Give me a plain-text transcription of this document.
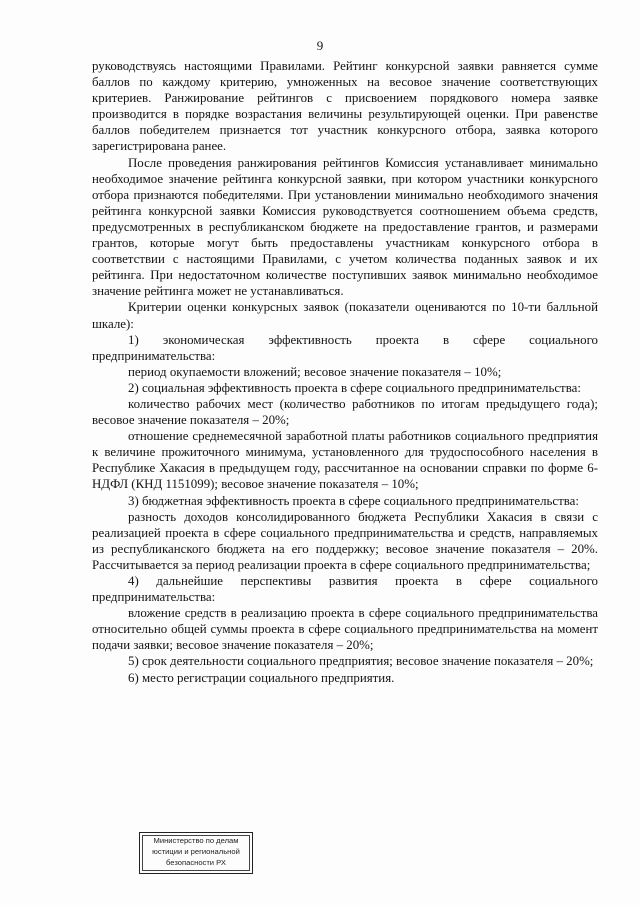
9

руководствуясь настоящими Правилами. Рейтинг конкурсной заявки равняется сумме баллов по каждому критерию, умноженных на весовое значение соответствующих критериев. Ранжирование рейтингов с присвоением порядкового номера заявке производится в порядке возрастания величины результирующей оценки. При равенстве баллов победителем признается тот участник конкурсного отбора, заявка которого зарегистрирована ранее.

После проведения ранжирования рейтингов Комиссия устанавливает минимально необходимое значение рейтинга конкурсной заявки, при котором участники конкурсного отбора признаются победителями. При установлении минимально необходимого значения рейтинга конкурсной заявки Комиссия руководствуется соотношением объема средств, предусмотренных в республиканском бюджете на предоставление грантов, и размерами грантов, которые могут быть предоставлены участникам конкурсного отбора в соответствии с настоящими Правилами, с учетом количества поданных заявок и их рейтинга. При недостаточном количестве поступивших заявок минимально необходимое значение рейтинга может не устанавливаться.

Критерии оценки конкурсных заявок (показатели оцениваются по 10-ти балльной шкале):

1) экономическая эффективность проекта в сфере социального предпринимательства:

период окупаемости вложений; весовое значение показателя – 10%;

2) социальная эффективность проекта в сфере социального предпринимательства:

количество рабочих мест (количество работников по итогам предыдущего года); весовое значение показателя – 20%;

отношение среднемесячной заработной платы работников социального предприятия к величине прожиточного минимума, установленного для трудоспособного населения в Республике Хакасия в предыдущем году, рассчитанное на основании справки по форме 6-НДФЛ (КНД 1151099); весовое значение показателя – 10%;

3) бюджетная эффективность проекта в сфере социального предпринимательства:

разность доходов консолидированного бюджета Республики Хакасия в связи с реализацией проекта в сфере социального предпринимательства и средств, направляемых из республиканского бюджета на его поддержку; весовое значение показателя – 20%. Рассчитывается за период реализации проекта в сфере социального предпринимательства;

4) дальнейшие перспективы развития проекта в сфере социального предпринимательства:

вложение средств в реализацию проекта в сфере социального предпринимательства относительно общей суммы проекта в сфере социального предпринимательства на момент подачи заявки; весовое значение показателя – 20%;

5) срок деятельности социального предприятия; весовое значение показателя – 20%;

6) место регистрации социального предприятия.

Министерство по делам
юстиции и региональной
безопасности РХ
